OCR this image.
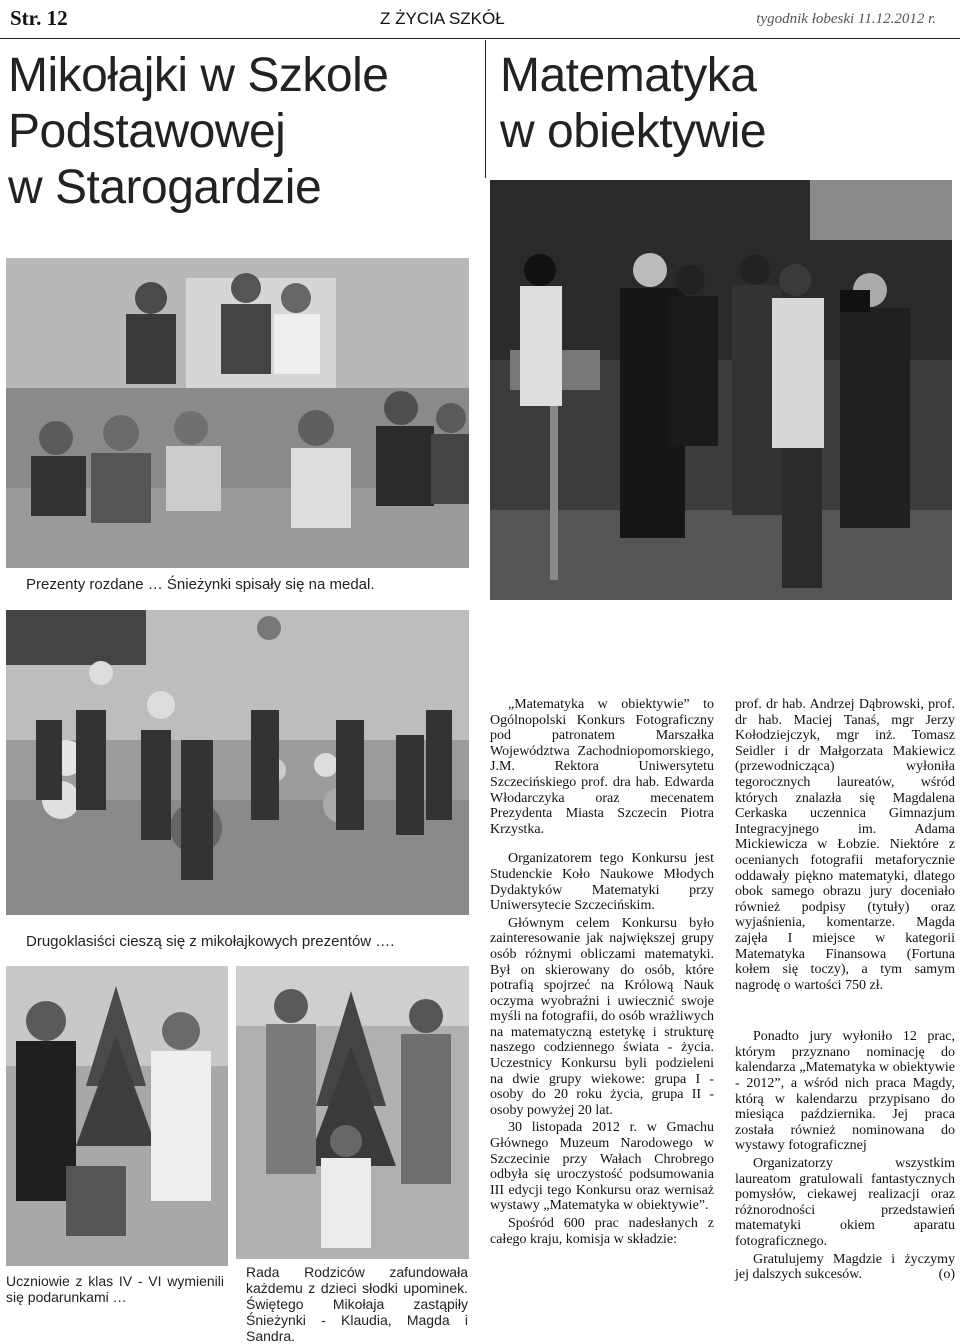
Str. 12	Z ŻYCIA SZKÓŁ	tygodnik łobeski 11.12.2012 r.
Mikołajki w Szkole
Podstawowej
w Starogardzie
Matematyka
w obiektywie
Prezenty rozdane … Śnieżynki spisały się na medal.
Drugoklasiści cieszą się z mikołajkowych prezentów ….
Uczniowie z klas IV - VI wymienili się podarunkami …
Rada Rodziców zafundowała każdemu z dzieci słodki upominek. Świętego Mikołaja zastąpiły Śnieżynki - Klaudia, Magda i Sandra.

„Matematyka w obiektywie” to Ogólnopolski Konkurs Fotograficzny pod patronatem Marszałka Województwa Zachodniopomorskiego, J.M. Rektora Uniwersytetu Szczecińskiego prof. dra hab. Edwarda Włodarczyka oraz mecenatem Prezydenta Miasta Szczecin Piotra Krzystka.

Organizatorem tego Konkursu jest Studenckie Koło Naukowe Młodych Dydaktyków Matematyki przy Uniwersytecie Szczecińskim.

Głównym celem Konkursu było zainteresowanie jak największej grupy osób różnymi obliczami matematyki. Był on skierowany do osób, które potrafią spojrzeć na Królową Nauk oczyma wyobraźni i uwiecznić swoje myśli na fotografii, do osób wrażliwych na matematyczną estetykę i strukturę naszego codziennego świata - życia. Uczestnicy Konkursu byli podzieleni na dwie grupy wiekowe: grupa I - osoby do 20 roku życia, grupa II - osoby powyżej 20 lat.

30 listopada 2012 r. w Gmachu Głównego Muzeum Narodowego w Szczecinie przy Wałach Chrobrego odbyła się uroczystość podsumowania III edycji tego Konkursu oraz wernisaż wystawy „Matematyka w obiektywie”.

Spośród 600 prac nadesłanych z całego kraju, komisja w składzie:

prof. dr hab. Andrzej Dąbrowski, prof. dr hab. Maciej Tanaś, mgr Jerzy Kołodziejczyk, mgr inż. Tomasz Seidler i dr Małgorzata Makiewicz (przewodnicząca) wyłoniła tegorocznych laureatów, wśród których znalazła się Magdalena Cerkaska uczennica Gimnazjum Integracyjnego im. Adama Mickiewicza w Łobzie. Niektóre z ocenianych fotografii metaforycznie oddawały piękno matematyki, dlatego obok samego obrazu jury doceniało również podpisy (tytuły) oraz wyjaśnienia, komentarze. Magda zajęła I miejsce w kategorii Matematyka Finansowa (Fortuna kołem się toczy), a tym samym nagrodę o wartości 750 zł.

Ponadto jury wyłoniło 12 prac, którym przyznano nominację do kalendarza „Matematyka w obiektywie - 2012”, a wśród nich praca Magdy, którą w kalendarzu przypisano do miesiąca października. Jej praca została również nominowana do wystawy fotograficznej

Organizatorzy wszystkim laureatom gratulowali fantastycznych pomysłów, ciekawej realizacji oraz różnorodności przedstawień matematyki okiem aparatu fotograficznego.

Gratulujemy Magdzie i życzymy jej dalszych sukcesów.	(o)
